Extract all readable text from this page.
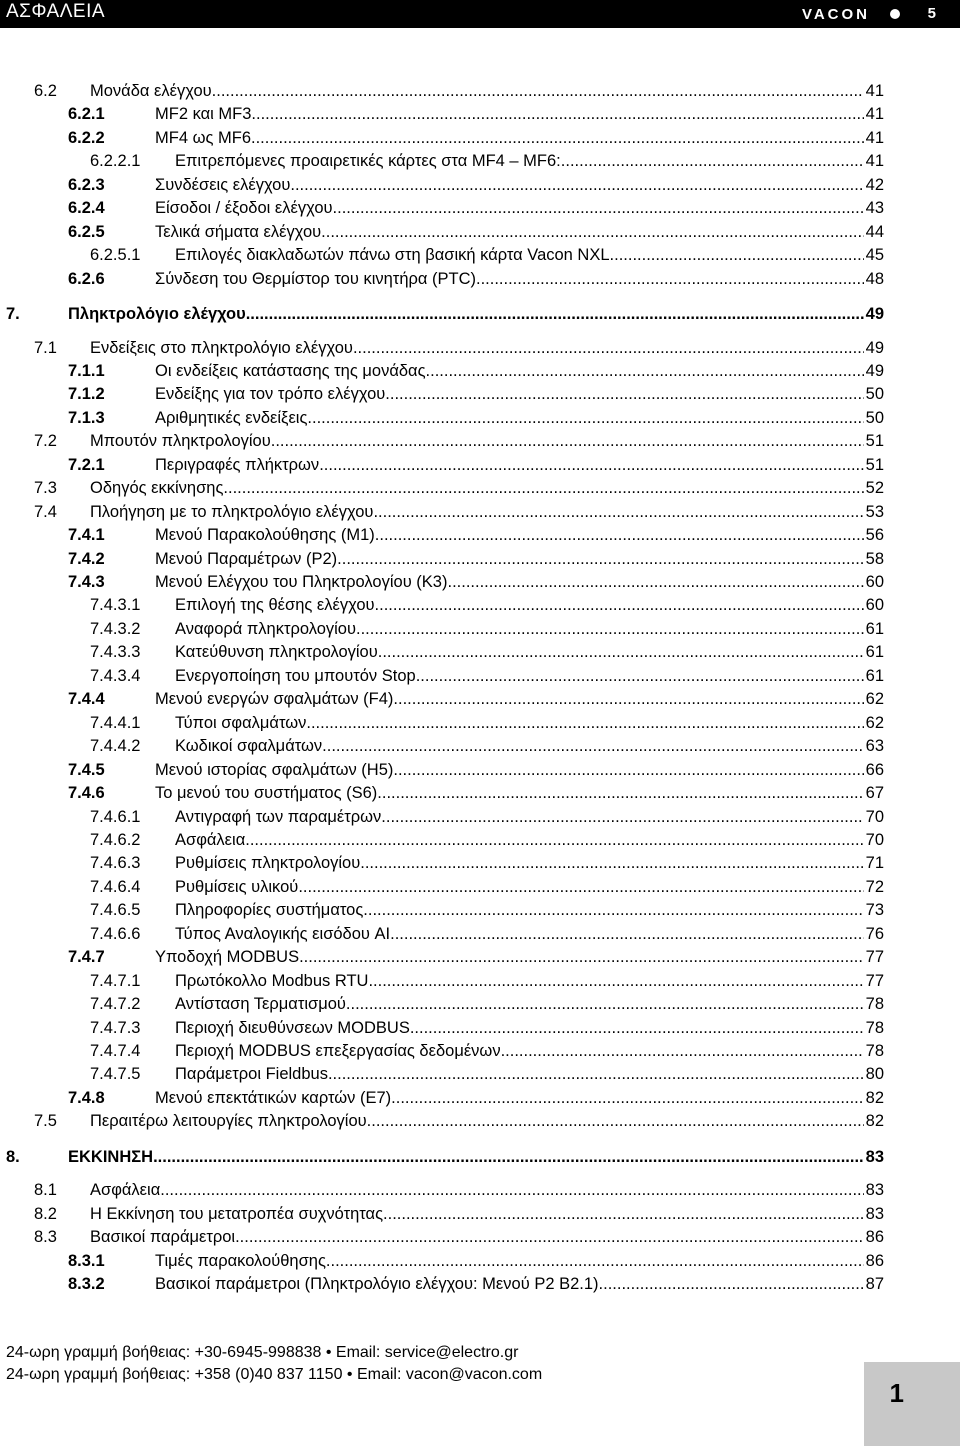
ΑΣΦΑΛΕΙΑ	VACON	5
6.2 Μονάδα ελέγχου .....	41
6.2.1	MF2 και MF3 .....	41
6.2.2	MF4 ως MF6. .....	41
6.2.2.1 Επιτρεπόμενες προαιρετικές κάρτες στα MF4 – MF6: .....	41
6.2.3	Συνδέσεις ελέγχου .....	42
6.2.4	Είσοδοι / έξοδοι ελέγχου .....	43
6.2.5	Τελικά σήματα ελέγχου .....	44
6.2.5.1 Επιλογές διακλαδωτών πάνω στη βασική κάρτα Vacon NXL .....	45
6.2.6	Σύνδεση του Θερμίστορ του κινητήρα (PTC) .....	48
7.	Πληκτρολόγιο ελέγχου .....	49
7.1 Ενδείξεις στο πληκτρολόγιο ελέγχου .....	49
7.1.1	Οι ενδείξεις κατάστασης της μονάδας .....	49
7.1.2	Ενδείξης για τον τρόπο ελέγχου .....	50
7.1.3	Αριθμητικές ενδείξεις .....	50
7.2 Μπουτόν πληκτρολογίου .....	51
7.2.1	Περιγραφές πλήκτρων .....	51
7.3 Οδηγός εκκίνησης .....	52
7.4 Πλοήγηση με το πληκτρολόγιο ελέγχου .....	53
7.4.1	Μενού Παρακολούθησης (M1) .....	56
7.4.2	Μενού Παραμέτρων (P2) .....	58
7.4.3	Μενού Ελέγχου του Πληκτρολογίου (K3) .....	60
7.4.3.1 Επιλογή της θέσης ελέγχου .....	60
7.4.3.2 Αναφορά πληκτρολογίου .....	61
7.4.3.3 Κατεύθυνση πληκτρολογίου .....	61
7.4.3.4 Ενεργοποίηση του μπουτόν Stop .....	61
7.4.4	Μενού ενεργών σφαλμάτων (F4) .....	62
7.4.4.1 Τύποι σφαλμάτων .....	62
7.4.4.2 Κωδικοί σφαλμάτων .....	63
7.4.5	Μενού ιστορίας σφαλμάτων (H5) .....	66
7.4.6	Το μενού του συστήματος (S6) .....	67
7.4.6.1 Αντιγραφή των παραμέτρων .....	70
7.4.6.2 Ασφάλεια .....	70
7.4.6.3 Ρυθμίσεις πληκτρολογίου .....	71
7.4.6.4 Ρυθμίσεις υλικού .....	72
7.4.6.5 Πληροφορίες συστήματος .....	73
7.4.6.6 Τύπος Αναλογικής εισόδου AI .....	76
7.4.7	Υποδοχή MODBUS .....	77
7.4.7.1 Πρωτόκολλο Modbus RTU .....	77
7.4.7.2 Αντίσταση Τερματισμού .....	78
7.4.7.3 Περιοχή διευθύνσεων MODBUS .....	78
7.4.7.4 Περιοχή MODBUS επεξεργασίας δεδομένων .....	78
7.4.7.5 Παράμετροι Fieldbus .....	80
7.4.8	Μενού επεκτάτικών καρτών (E7) .....	82
7.5 Περαιτέρω λειτουργίες πληκτρολογίου .....	82
8.	ΕΚΚΙΝΗΣΗ .....	83
8.1 Ασφάλεια .....	83
8.2 Η Εκκίνηση του μετατροπέα συχνότητας .....	83
8.3 Βασικοί παράμετροι .....	86
8.3.1	Τιμές παρακολούθησης .....	86
8.3.2	Βασικοί παράμετροι (Πληκτρολόγιο ελέγχου: Μενού P2 B2.1) .....	87
24-ωρη γραμμή βοήθειας: +30-6945-998838 • Email: service@electro.gr
24-ωρη γραμμή βοήθειας: +358 (0)40 837 1150 • Email: vacon@vacon.com
1
